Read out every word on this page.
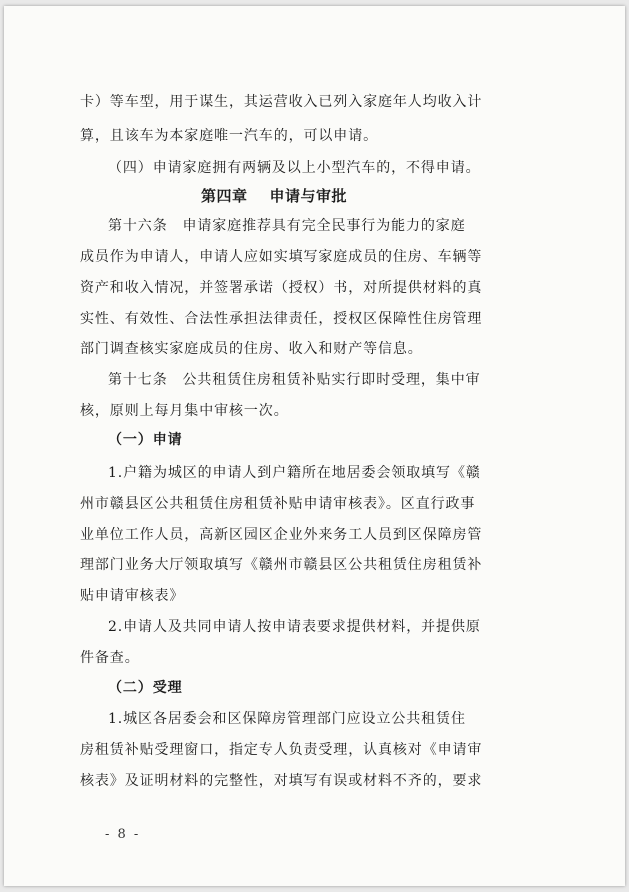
卡）等车型，用于谋生，其运营收入已列入家庭年人均收入计
算，且该车为本家庭唯一汽车的，可以申请。
（四）申请家庭拥有两辆及以上小型汽车的，不得申请。
第四章 申请与审批
第十六条　申请家庭推荐具有完全民事行为能力的家庭
成员作为申请人，申请人应如实填写家庭成员的住房、车辆等
资产和收入情况，并签署承诺（授权）书，对所提供材料的真
实性、有效性、合法性承担法律责任，授权区保障性住房管理
部门调查核实家庭成员的住房、收入和财产等信息。
第十七条　公共租赁住房租赁补贴实行即时受理，集中审
核，原则上每月集中审核一次。
（一）申请
1.户籍为城区的申请人到户籍所在地居委会领取填写《赣
州市赣县区公共租赁住房租赁补贴申请审核表》。区直行政事
业单位工作人员，高新区园区企业外来务工人员到区保障房管
理部门业务大厅领取填写《赣州市赣县区公共租赁住房租赁补
贴申请审核表》
2.申请人及共同申请人按申请表要求提供材料，并提供原
件备查。
（二）受理
1.城区各居委会和区保障房管理部门应设立公共租赁住
房租赁补贴受理窗口，指定专人负责受理，认真核对《申请审
核表》及证明材料的完整性，对填写有误或材料不齐的，要求
- 8 -
